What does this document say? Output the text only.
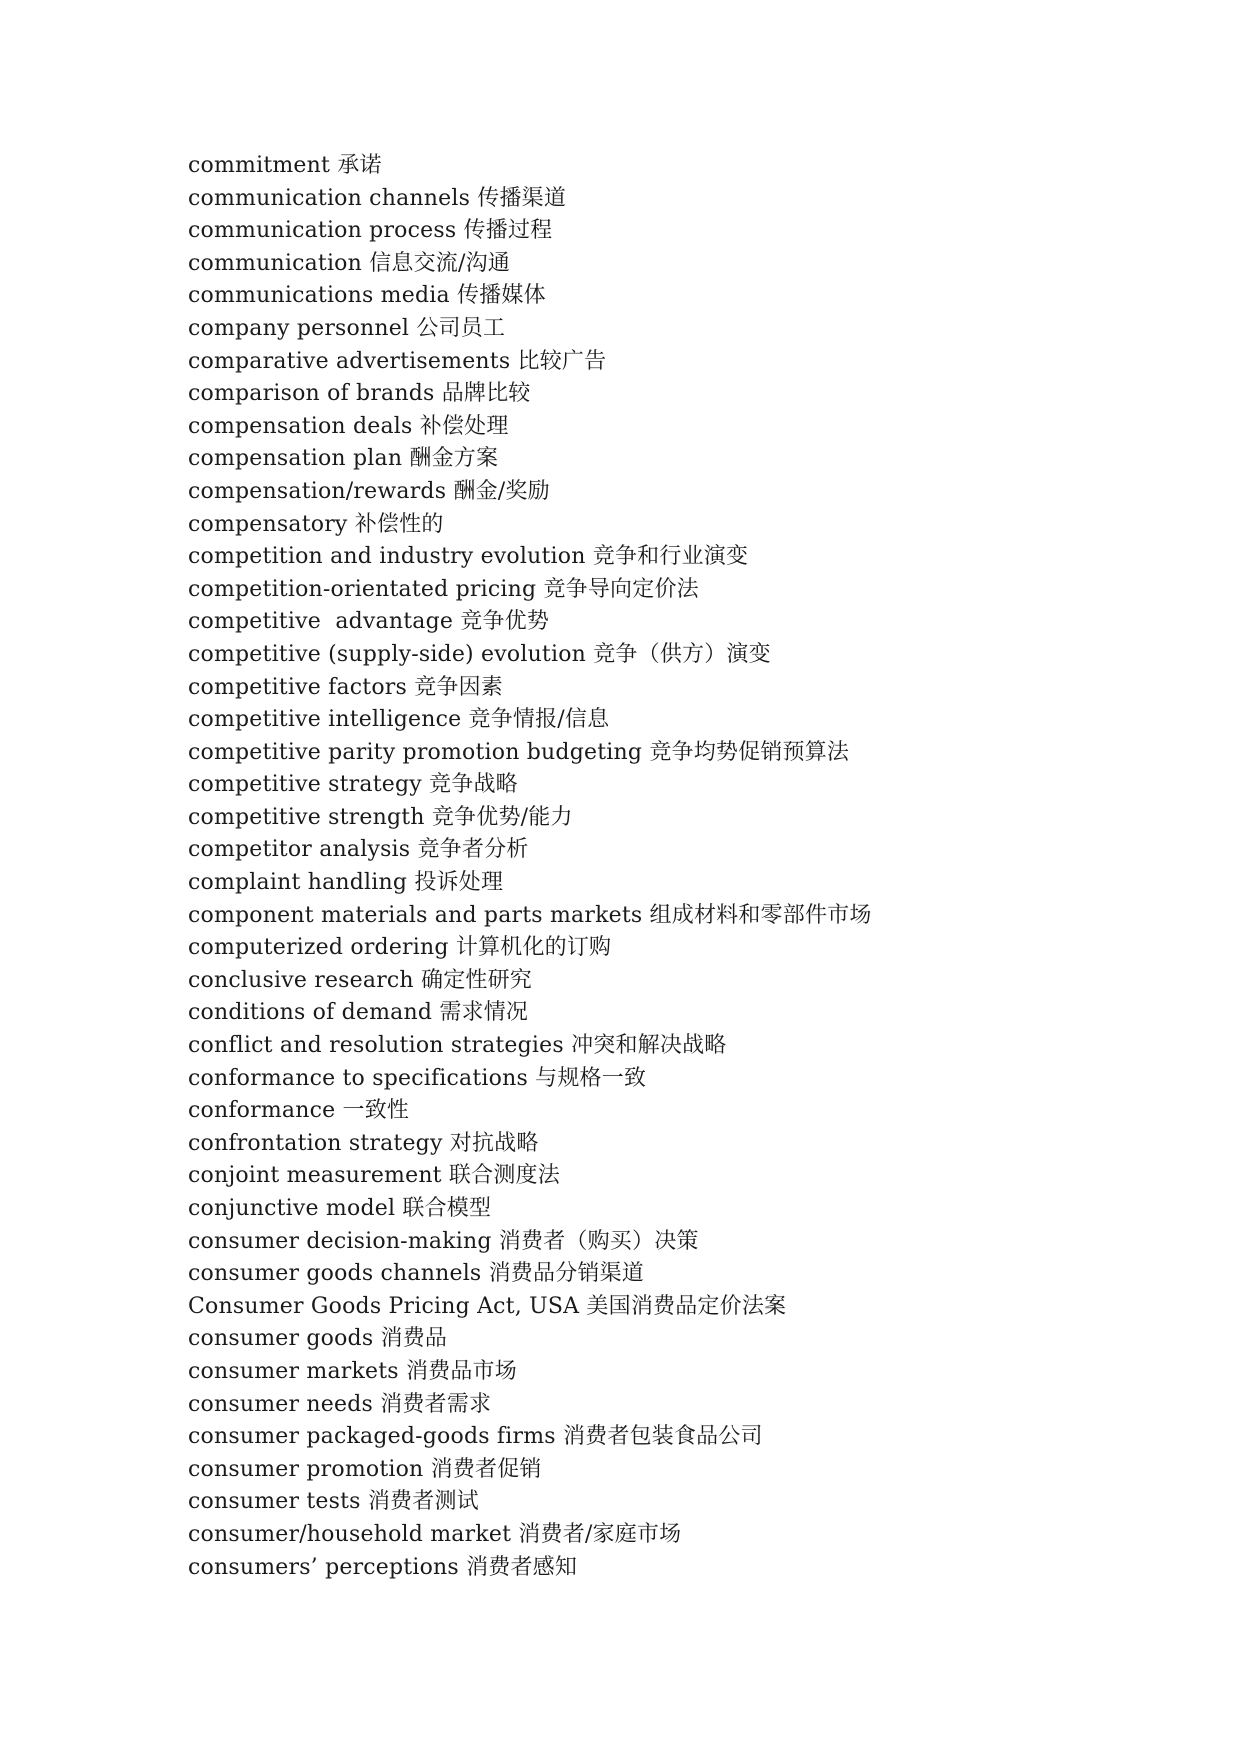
commitment 承诺
communication channels 传播渠道
communication process 传播过程
communication 信息交流/沟通
communications media 传播媒体
company personnel 公司员工
comparative advertisements 比较广告
comparison of brands 品牌比较
compensation deals 补偿处理
compensation plan 酬金方案
compensation/rewards 酬金/奖励
compensatory 补偿性的
competition and industry evolution 竞争和行业演变
competition-orientated pricing 竞争导向定价法
competitive  advantage 竞争优势
competitive (supply-side) evolution 竞争（供方）演变
competitive factors 竞争因素
competitive intelligence 竞争情报/信息
competitive parity promotion budgeting 竞争均势促销预算法
competitive strategy 竞争战略
competitive strength 竞争优势/能力
competitor analysis 竞争者分析
complaint handling 投诉处理
component materials and parts markets 组成材料和零部件市场
computerized ordering 计算机化的订购
conclusive research 确定性研究
conditions of demand 需求情况
conflict and resolution strategies 冲突和解决战略
conformance to specifications 与规格一致
conformance 一致性
confrontation strategy 对抗战略
conjoint measurement 联合测度法
conjunctive model 联合模型
consumer decision-making 消费者（购买）决策
consumer goods channels 消费品分销渠道
Consumer Goods Pricing Act, USA 美国消费品定价法案
consumer goods 消费品
consumer markets 消费品市场
consumer needs 消费者需求
consumer packaged-goods firms 消费者包装食品公司
consumer promotion 消费者促销
consumer tests 消费者测试
consumer/household market 消费者/家庭市场
consumers’ perceptions 消费者感知
